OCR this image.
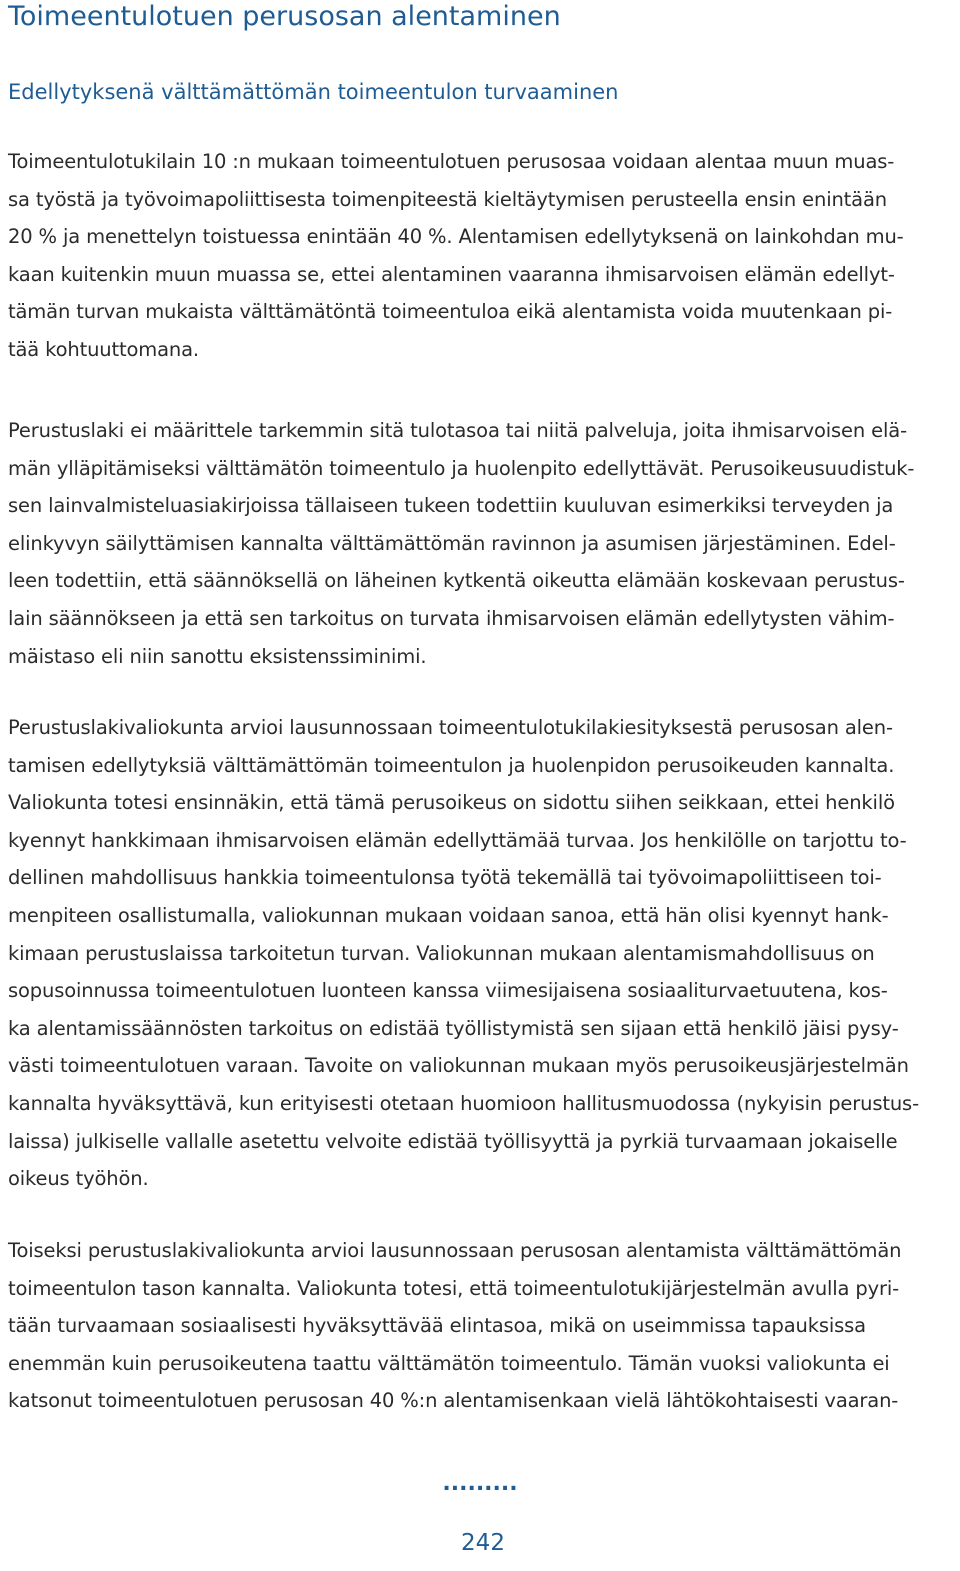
Toimeentulotuen perusosan alentaminen
Edellytyksenä välttämättömän toimeentulon turvaaminen

Toimeentulotukilain 10 :n mukaan toimeentulotuen perusosaa voidaan alentaa muun muas-
sa työstä ja työvoimapoliittisesta toimenpiteestä kieltäytymisen perusteella ensin enintään
20 % ja menettelyn toistuessa enintään 40 %. Alentamisen edellytyksenä on lainkohdan mu-
kaan kuitenkin muun muassa se, ettei alentaminen vaaranna ihmisarvoisen elämän edellyt-
tämän turvan mukaista välttämätöntä toimeentuloa eikä alentamista voida muutenkaan pi-
tää kohtuuttomana.

Perustuslaki ei määrittele tarkemmin sitä tulotasoa tai niitä palveluja, joita ihmisarvoisen elä-
män ylläpitämiseksi välttämätön toimeentulo ja huolenpito edellyttävät. Perusoikeusuudistuk-
sen lainvalmisteluasiakirjoissa tällaiseen tukeen todettiin kuuluvan esimerkiksi terveyden ja
elinkyvyn säilyttämisen kannalta välttämättömän ravinnon ja asumisen järjestäminen. Edel-
leen todettiin, että säännöksellä on läheinen kytkentä oikeutta elämään koskevaan perustus-
lain säännökseen ja että sen tarkoitus on turvata ihmisarvoisen elämän edellytysten vähim-
mäistaso eli niin sanottu eksistenssiminimi.

Perustuslakivaliokunta arvioi lausunnossaan toimeentulotukilakiesityksestä perusosan alen-
tamisen edellytyksiä välttämättömän toimeentulon ja huolenpidon perusoikeuden kannalta.
Valiokunta totesi ensinnäkin, että tämä perusoikeus on sidottu siihen seikkaan, ettei henkilö
kyennyt hankkimaan ihmisarvoisen elämän edellyttämää turvaa. Jos henkilölle on tarjottu to-
dellinen mahdollisuus hankkia toimeentulonsa työtä tekemällä tai työvoimapoliittiseen toi-
menpiteen osallistumalla, valiokunnan mukaan voidaan sanoa, että hän olisi kyennyt hank-
kimaan perustuslaissa tarkoitetun turvan. Valiokunnan mukaan alentamismahdollisuus on
sopusoinnussa toimeentulotuen luonteen kanssa viimesijaisena sosiaaliturvaetuutena, kos-
ka alentamissäännösten tarkoitus on edistää työllistymistä sen sijaan että henkilö jäisi pysy-
västi toimeentulotuen varaan. Tavoite on valiokunnan mukaan myös perusoikeusjärjestelmän
kannalta hyväksyttävä, kun erityisesti otetaan huomioon hallitusmuodossa (nykyisin perustus-
laissa) julkiselle vallalle asetettu velvoite edistää työllisyyttä ja pyrkiä turvaamaan jokaiselle
oikeus työhön.

Toiseksi perustuslakivaliokunta arvioi lausunnossaan perusosan alentamista välttämättömän
toimeentulon tason kannalta. Valiokunta totesi, että toimeentulotukijärjestelmän avulla pyri-
tään turvaamaan sosiaalisesti hyväksyttävää elintasoa, mikä on useimmissa tapauksissa
enemmän kuin perusoikeutena taattu välttämätön toimeentulo. Tämän vuoksi valiokunta ei
katsonut toimeentulotuen perusosan 40 %:n alentamisenkaan vielä lähtökohtaisesti vaaran-

.........
242
